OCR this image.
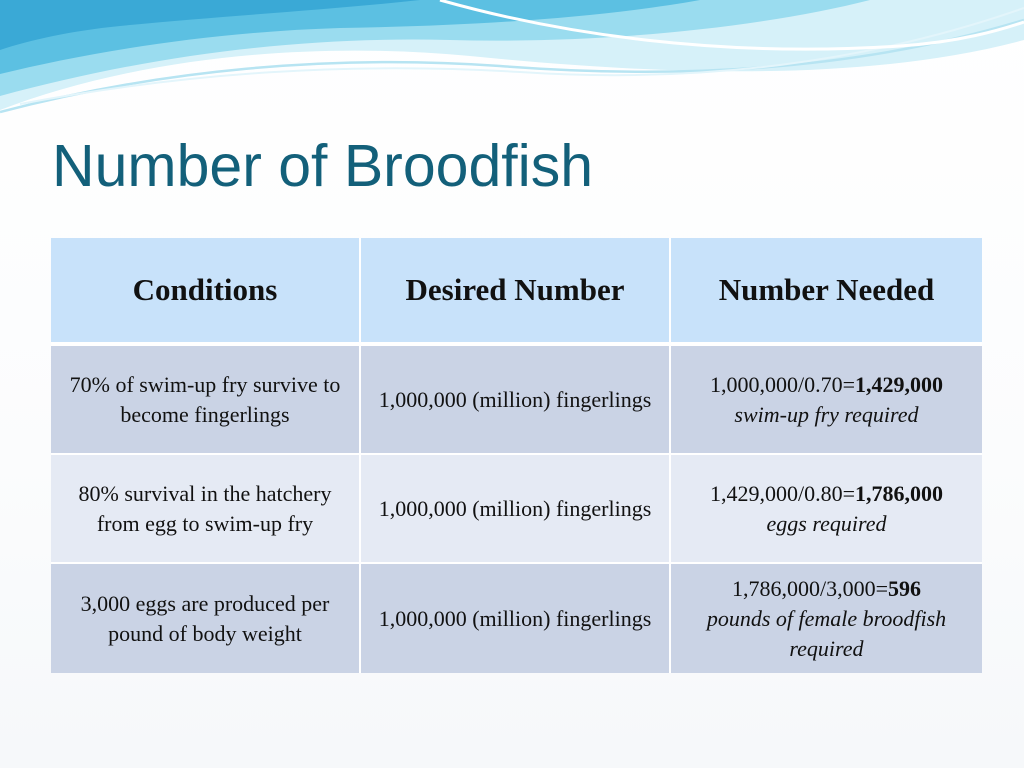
Number of Broodfish
Conditions	Desired Number	Number Needed
70% of swim-up fry survive to become fingerlings	1,000,000 (million) fingerlings	1,000,000/0.70=1,429,000
swim-up fry required
80% survival in the hatchery from egg to swim-up fry	1,000,000 (million) fingerlings	1,429,000/0.80=1,786,000
eggs required
3,000 eggs are produced per pound of body weight	1,000,000 (million) fingerlings	1,786,000/3,000=596
pounds of female broodfish required
